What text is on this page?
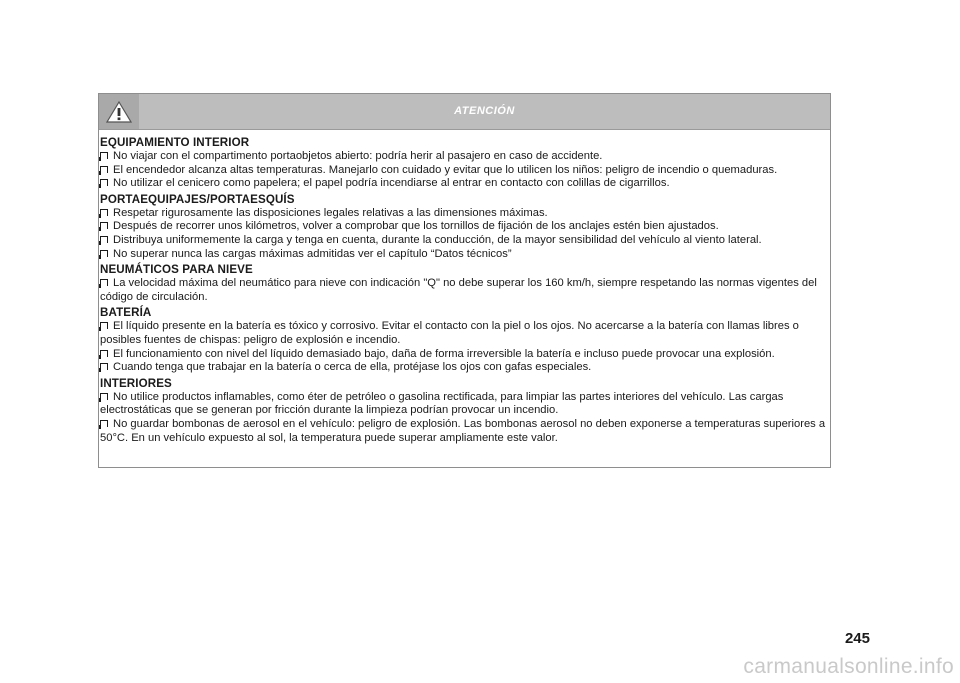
ATENCIÓN
EQUIPAMIENTO INTERIOR
No viajar con el compartimento portaobjetos abierto: podría herir al pasajero en caso de accidente.
El encendedor alcanza altas temperaturas. Manejarlo con cuidado y evitar que lo utilicen los niños: peligro de incendio o quemaduras.
No utilizar el cenicero como papelera; el papel podría incendiarse al entrar en contacto con colillas de cigarrillos.
PORTAEQUIPAJES/PORTAESQUÍS
Respetar rigurosamente las disposiciones legales relativas a las dimensiones máximas.
Después de recorrer unos kilómetros, volver a comprobar que los tornillos de fijación de los anclajes estén bien ajustados.
Distribuya uniformemente la carga y tenga en cuenta, durante la conducción, de la mayor sensibilidad del vehículo al viento lateral.
No superar nunca las cargas máximas admitidas ver el capítulo “Datos técnicos”
NEUMÁTICOS PARA NIEVE
La velocidad máxima del neumático para nieve con indicación "Q" no debe superar los 160 km/h, siempre respetando las normas vigentes del código de circulación.
BATERÍA
El líquido presente en la batería es tóxico y corrosivo. Evitar el contacto con la piel o los ojos. No acercarse a la batería con llamas libres o posibles fuentes de chispas: peligro de explosión e incendio.
El funcionamiento con nivel del líquido demasiado bajo, daña de forma irreversible la batería e incluso puede provocar una explosión.
Cuando tenga que trabajar en la batería o cerca de ella, protéjase los ojos con gafas especiales.
INTERIORES
No utilice productos inflamables, como éter de petróleo o gasolina rectificada, para limpiar las partes interiores del vehículo. Las cargas electrostáticas que se generan por fricción durante la limpieza podrían provocar un incendio.
No guardar bombonas de aerosol en el vehículo: peligro de explosión. Las bombonas aerosol no deben exponerse a temperaturas superiores a 50°C. En un vehículo expuesto al sol, la temperatura puede superar ampliamente este valor.
245
carmanualsonline.info
